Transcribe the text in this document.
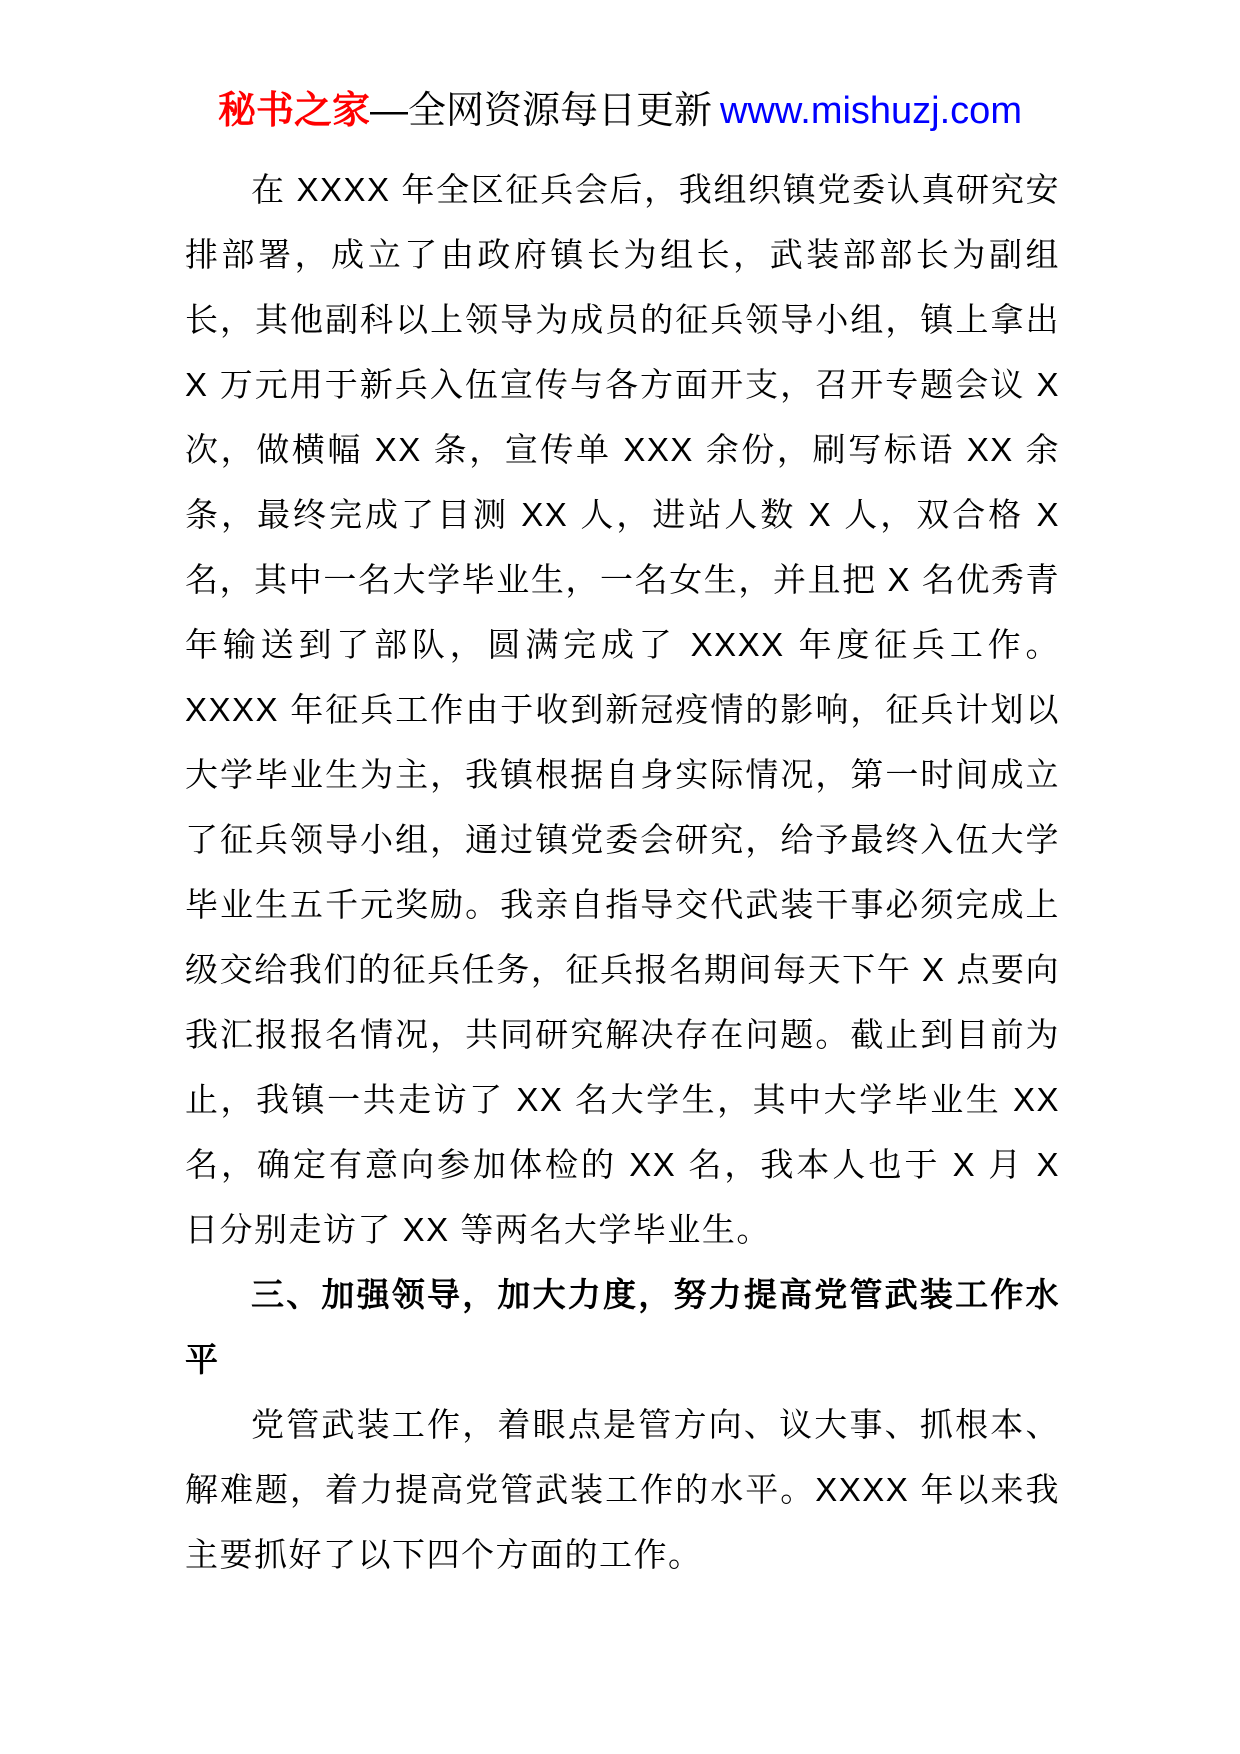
秘书之家—全网资源每日更新 www.mishuzj.com

在 XXXX 年全区征兵会后，我组织镇党委认真研究安排部署，成立了由政府镇长为组长，武装部部长为副组长，其他副科以上领导为成员的征兵领导小组，镇上拿出 X 万元用于新兵入伍宣传与各方面开支，召开专题会议 X 次，做横幅 XX 条，宣传单 XXX 余份，刷写标语 XX 余条，最终完成了目测 XX 人，进站人数 X 人，双合格 X 名，其中一名大学毕业生，一名女生，并且把 X 名优秀青年输送到了部队，圆满完成了 XXXX 年度征兵工作。XXXX 年征兵工作由于收到新冠疫情的影响，征兵计划以大学毕业生为主，我镇根据自身实际情况，第一时间成立了征兵领导小组，通过镇党委会研究，给予最终入伍大学毕业生五千元奖励。我亲自指导交代武装干事必须完成上级交给我们的征兵任务，征兵报名期间每天下午 X 点要向我汇报报名情况，共同研究解决存在问题。截止到目前为止，我镇一共走访了 XX 名大学生，其中大学毕业生 XX 名，确定有意向参加体检的 XX 名，我本人也于 X 月 X 日分别走访了 XX 等两名大学毕业生。

三、加强领导，加大力度，努力提高党管武装工作水平

党管武装工作，着眼点是管方向、议大事、抓根本、解难题，着力提高党管武装工作的水平。XXXX 年以来我主要抓好了以下四个方面的工作。
